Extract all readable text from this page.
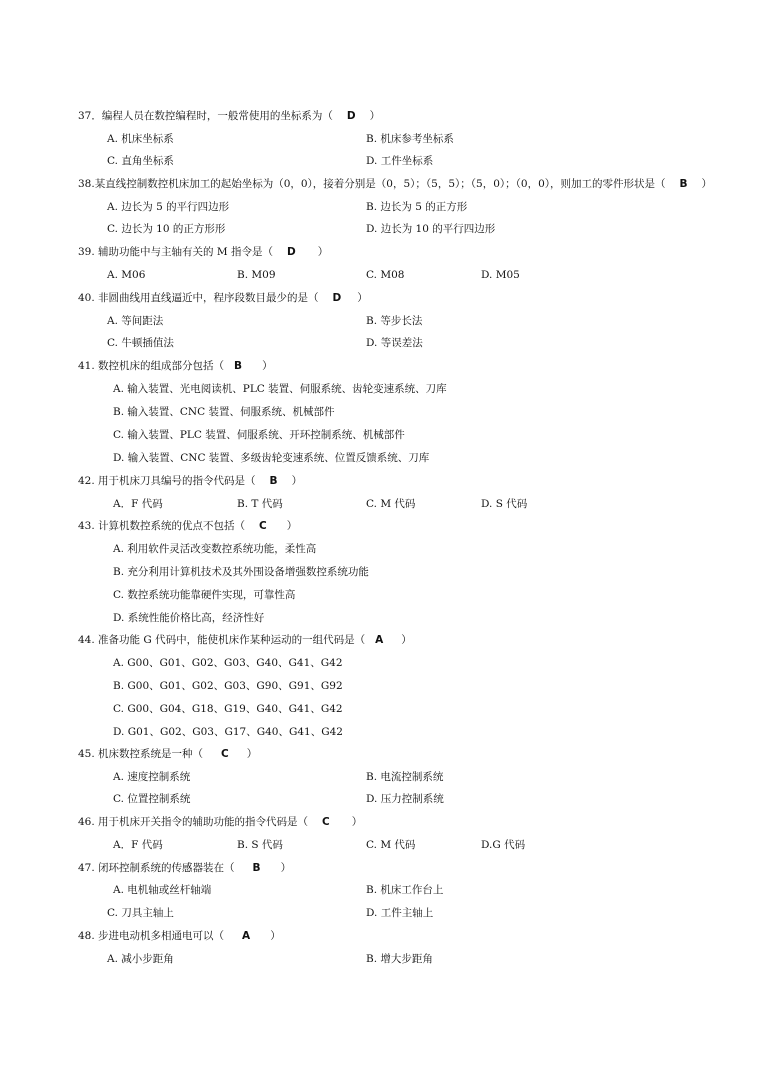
37．编程人员在数控编程时，一般常使用的坐标系为（ D ）
A. 机床坐标系	B. 机床参考坐标系
C. 直角坐标系	D. 工件坐标系
38.某直线控制数控机床加工的起始坐标为（0，0），接着分别是（0，5）；（5，5）；（5，0）；（0，0），则加工的零件形状是（ B ）
A. 边长为 5 的平行四边形	B. 边长为 5 的正方形
C. 边长为 10 的正方形形	D. 边长为 10 的平行四边形
39. 辅助功能中与主轴有关的 M 指令是（ D ）
A. M06	B. M09	C. M08	D. M05
40. 非圆曲线用直线逼近中，程序段数目最少的是（ D ）
A. 等间距法	B. 等步长法
C. 牛顿插值法	D. 等误差法
41. 数控机床的组成部分包括（ B ）
A. 输入装置、光电阅读机、PLC 装置、伺服系统、齿轮变速系统、刀库
B. 输入装置、CNC 装置、伺服系统、机械部件
C. 输入装置、PLC 装置、伺服系统、开环控制系统、机械部件
D. 输入装置、CNC 装置、多级齿轮变速系统、位置反馈系统、刀库
42. 用于机床刀具编号的指令代码是（ B ）
A．F 代码	B. T 代码	C. M 代码	D. S 代码
43. 计算机数控系统的优点不包括（ C ）
A. 利用软件灵活改变数控系统功能，柔性高
B. 充分利用计算机技术及其外围设备增强数控系统功能
C. 数控系统功能靠硬件实现，可靠性高
D. 系统性能价格比高，经济性好
44. 准备功能 G 代码中，能使机床作某种运动的一组代码是（ A ）
A. G00、G01、G02、G03、G40、G41、G42
B. G00、G01、G02、G03、G90、G91、G92
C. G00、G04、G18、G19、G40、G41、G42
D. G01、G02、G03、G17、G40、G41、G42
45. 机床数控系统是一种（ C ）
A. 速度控制系统	B. 电流控制系统
C. 位置控制系统	D. 压力控制系统
46. 用于机床开关指令的辅助功能的指令代码是（ C ）
A．F 代码	B. S 代码	C. M 代码	D.G 代码
47. 闭环控制系统的传感器装在（ B ）
A. 电机轴或丝杆轴端	B. 机床工作台上
C. 刀具主轴上	D. 工件主轴上
48. 步进电动机多相通电可以（ A ）
A. 减小步距角	B. 增大步距角
